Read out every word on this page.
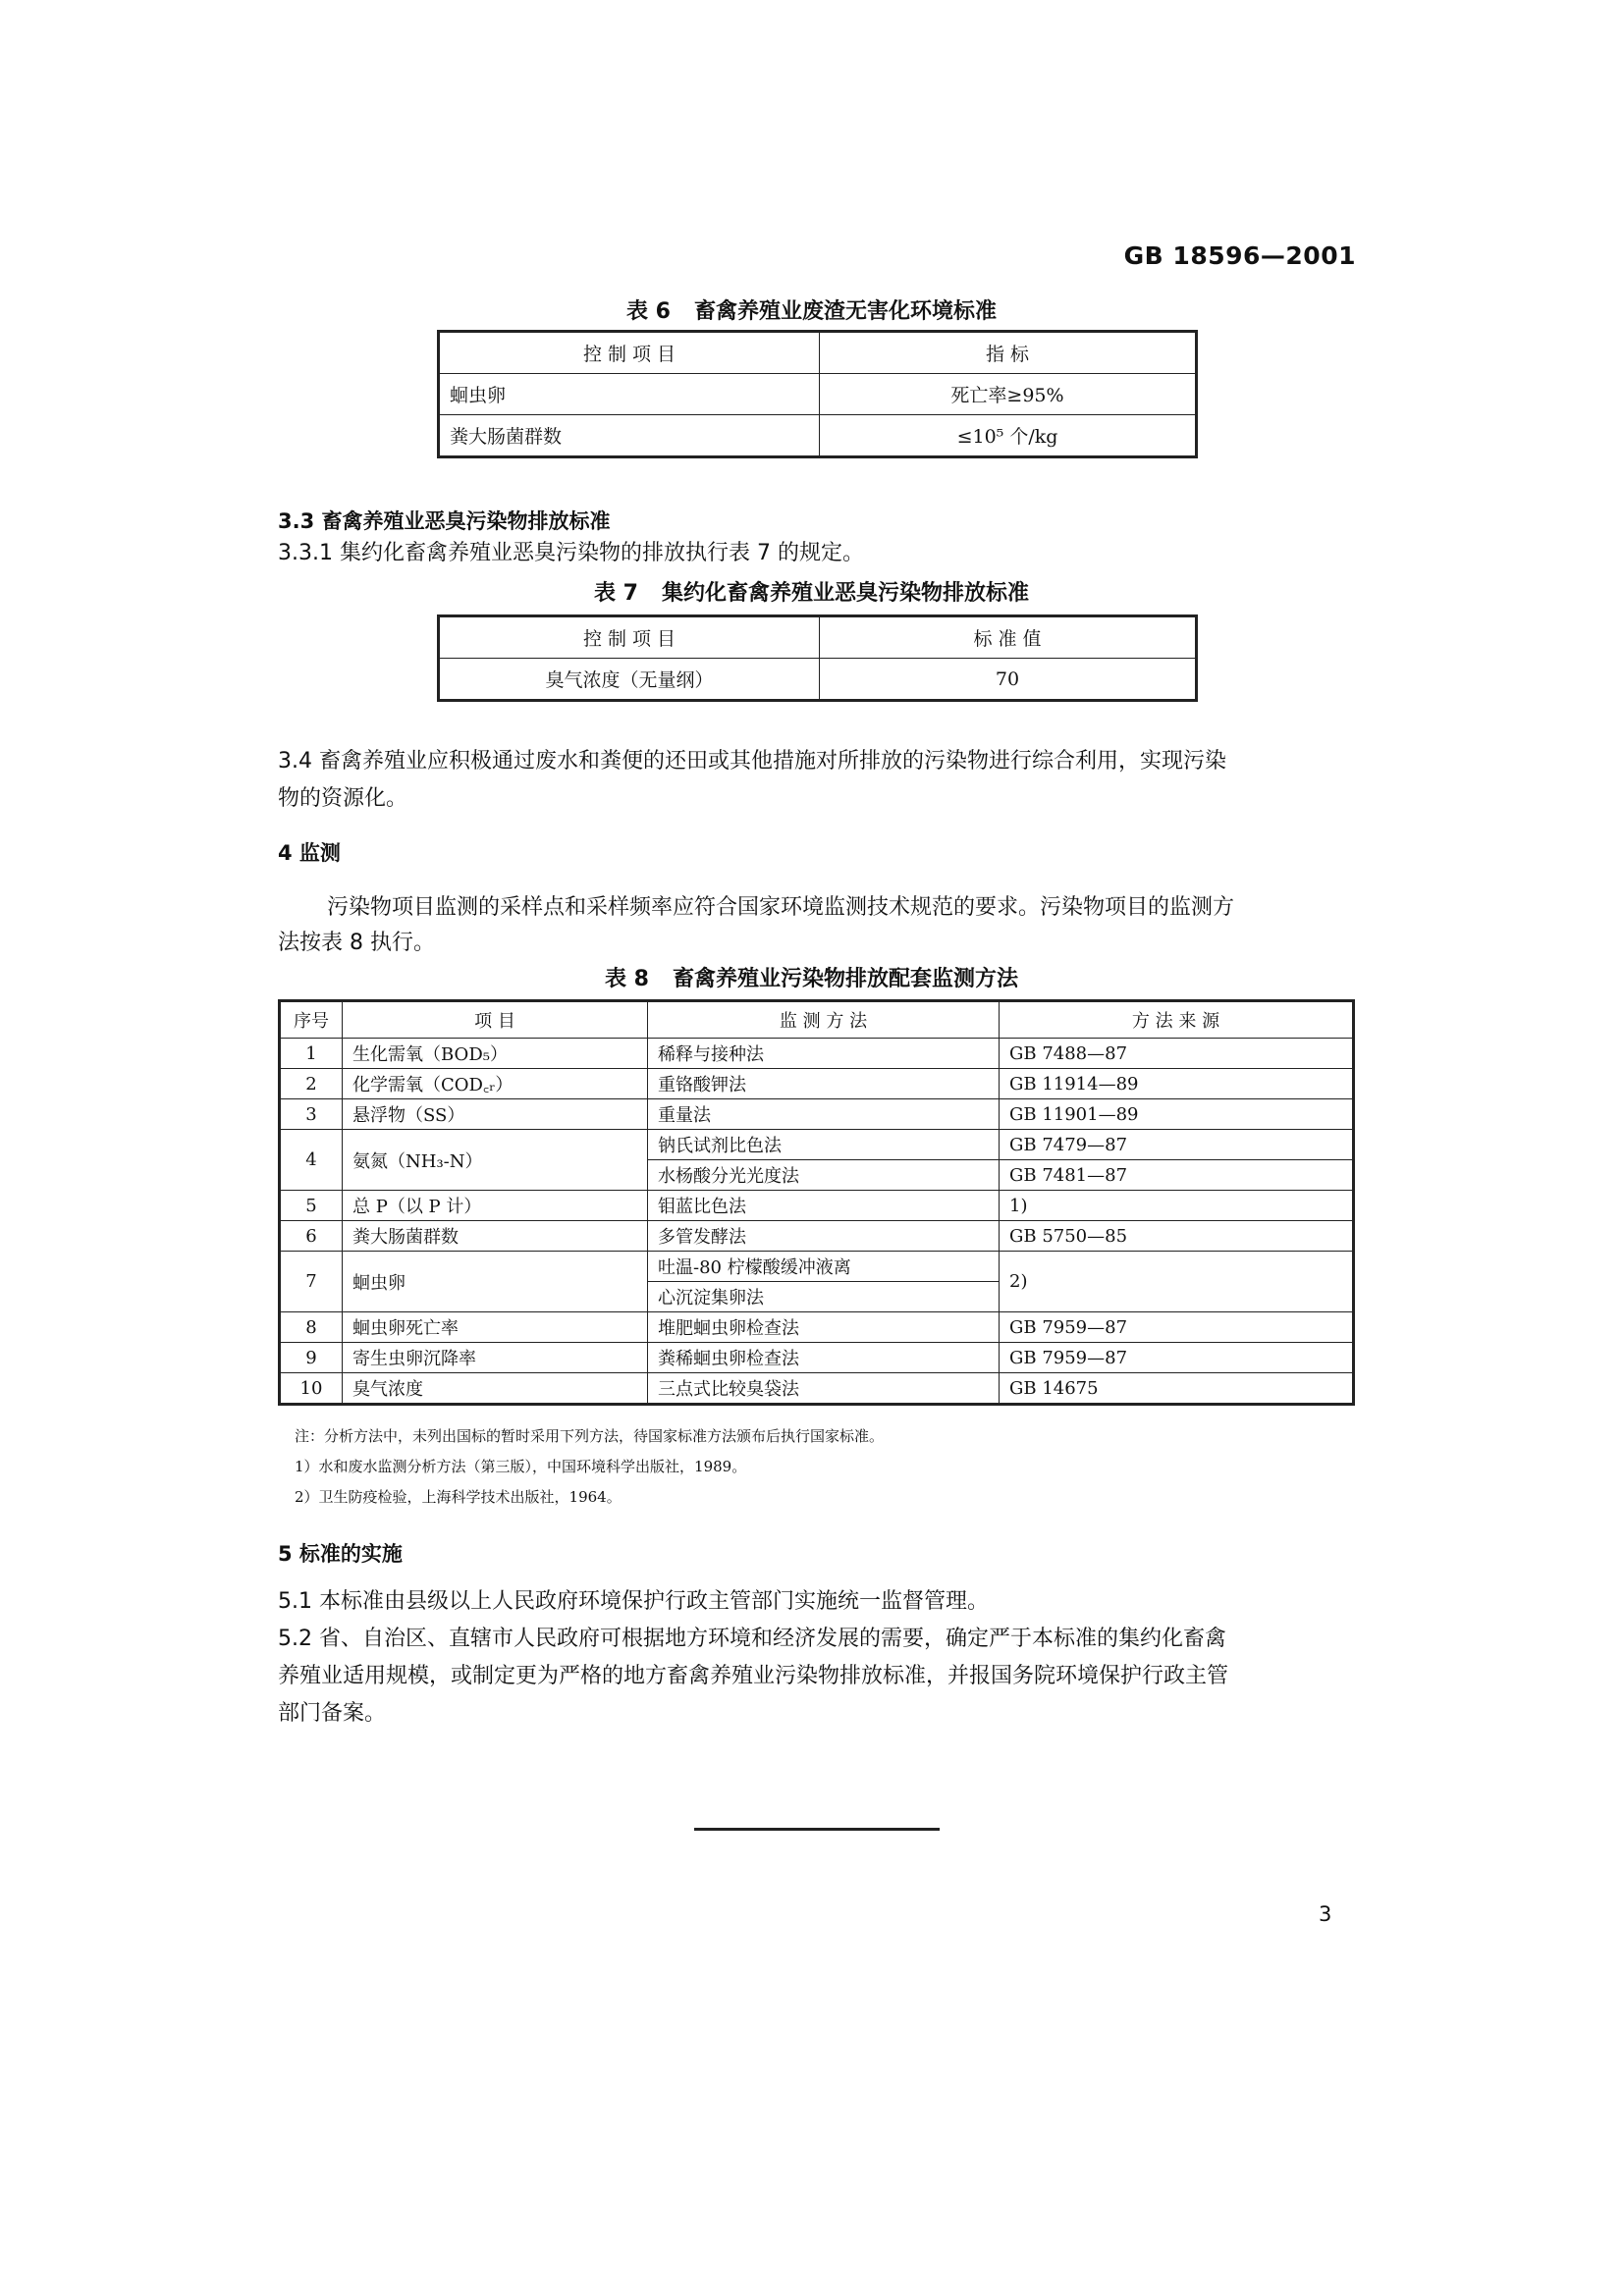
GB 18596—2001
表 6 畜禽养殖业废渣无害化环境标准
控 制 项 目	指 标
蛔虫卵	死亡率≥95%
粪大肠菌群数	≤10⁵ 个/kg
3.3 畜禽养殖业恶臭污染物排放标准
3.3.1 集约化畜禽养殖业恶臭污染物的排放执行表 7 的规定。
表 7 集约化畜禽养殖业恶臭污染物排放标准
控 制 项 目	标 准 值
臭气浓度（无量纲）	70
3.4 畜禽养殖业应积极通过废水和粪便的还田或其他措施对所排放的污染物进行综合利用，实现污染
物的资源化。
4 监测
污染物项目监测的采样点和采样频率应符合国家环境监测技术规范的要求。污染物项目的监测方
法按表 8 执行。
表 8 畜禽养殖业污染物排放配套监测方法
序号	项 目	监 测 方 法	方 法 来 源
1	生化需氧（BOD₅）	稀释与接种法	GB 7488—87
2	化学需氧（COD꜀ᵣ）	重铬酸钾法	GB 11914—89
3	悬浮物（SS）	重量法	GB 11901—89
4	氨氮（NH₃-N）	钠氏试剂比色法	GB 7479—87
		水杨酸分光光度法	GB 7481—87
5	总 P（以 P 计）	钼蓝比色法	1)
6	粪大肠菌群数	多管发酵法	GB 5750—85
7	蛔虫卵	吐温-80 柠檬酸缓冲液离	2)
		心沉淀集卵法	
8	蛔虫卵死亡率	堆肥蛔虫卵检查法	GB 7959—87
9	寄生虫卵沉降率	粪稀蛔虫卵检查法	GB 7959—87
10	臭气浓度	三点式比较臭袋法	GB 14675
注：分析方法中，未列出国标的暂时采用下列方法，待国家标准方法颁布后执行国家标准。
1）水和废水监测分析方法（第三版），中国环境科学出版社，1989。
2）卫生防疫检验，上海科学技术出版社，1964。
5 标准的实施
5.1 本标准由县级以上人民政府环境保护行政主管部门实施统一监督管理。
5.2 省、自治区、直辖市人民政府可根据地方环境和经济发展的需要，确定严于本标准的集约化畜禽
养殖业适用规模，或制定更为严格的地方畜禽养殖业污染物排放标准，并报国务院环境保护行政主管
部门备案。
3
